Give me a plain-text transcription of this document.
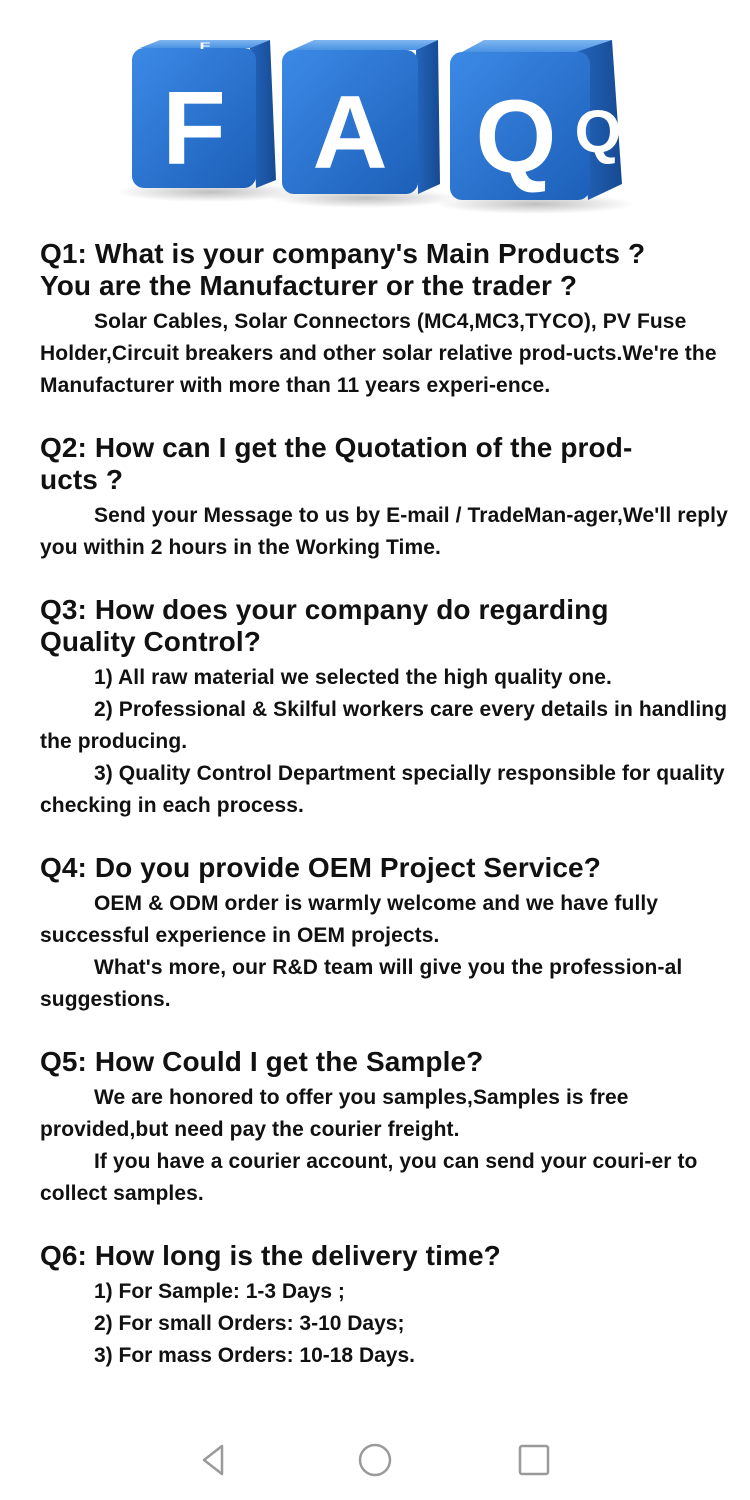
F
F A Q Q
Q1: What is your company's Main Products ?
You are the Manufacturer or the trader ?

Solar Cables, Solar Connectors (MC4,MC3,TYCO), PV Fuse Holder,Circuit breakers and other solar relative prod-ucts.We're the Manufacturer with more than 11 years experi-ence.

Q2: How can I get the Quotation of the prod-
ucts ?

Send your Message to us by E-mail / TradeMan-ager,We'll reply you within 2 hours in the Working Time.

Q3: How does your company do regarding
Quality Control?

1) All raw material we selected the high quality one.

2) Professional & Skilful workers care every details in handling the producing.

3) Quality Control Department specially responsible for quality checking in each process.

Q4: Do you provide OEM Project Service?

OEM & ODM order is warmly welcome and we have fully successful experience in OEM projects.

What's more, our R&D team will give you the profession-al suggestions.

Q5: How Could I get the Sample?

We are honored to offer you samples,Samples is free provided,but need pay the courier freight.

If you have a courier account, you can send your couri-er to collect samples.

Q6: How long is the delivery time?
1) For Sample: 1-3 Days ;
2) For small Orders: 3-10 Days;
3) For mass Orders: 10-18 Days.
